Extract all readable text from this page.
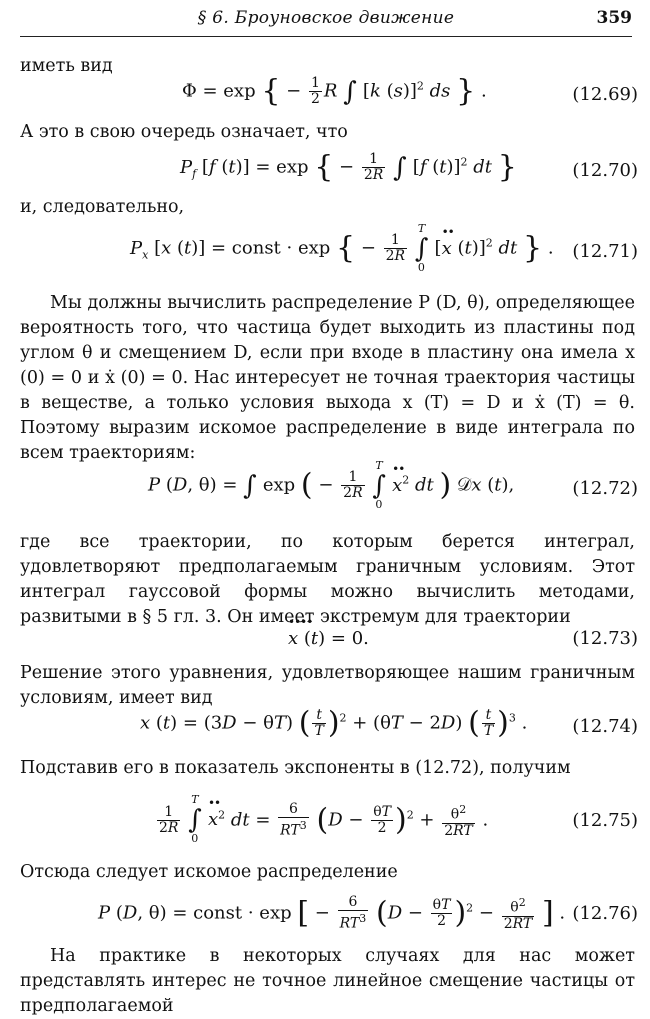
§ 6. Броуновское движение	359
иметь вид
Φ = exp { − $\frac{1}{2}$ R ∫ [k (s)]$^2$ ds } .	(12.69)
А это в свою очередь означает, что
$P_f$ [f (t)] = exp { − $\frac{1}{2R}$ ∫ [f (t)]$^2$ dt }	(12.70)
и, следовательно,
$P_x$ [x (t)] = const · exp { − $\frac{1}{2R}$ ∫
T
0
[•• x (t)]$^2$ dt } . (12.71)
Мы должны вычислить распределение P (D, θ), определяющее вероятность того, что частица будет выходить из пластины под углом θ и смещением D, если при входе в пластину она имела x (0) = 0 и ẋ (0) = 0. Нас интересует не точная траектория частицы в веществе, а только условия выхода x (T) = D и ẋ (T) = θ. Поэтому выразим искомое распределение в виде интеграла по всем траекториям:
P (D, θ) = ∫ exp ( − $\frac{1}{2R}$ ∫
T
0
•• $x^2$ dt ) 𝒟x (t),	(12.72)
где все траектории, по которым берется интеграл, удовлетворяют предполагаемым граничным условиям. Этот интеграл гауссовой формы можно вычислить методами, развитыми в § 5 гл. 3. Он имеет экстремум для траектории
•••• x (t) = 0.	(12.73)
Решение этого уравнения, удовлетворяющее нашим граничным условиям, имеет вид
x (t) = (3D − θT) ( $\frac{t}{T} )^2 + (\theta T - 2D)$ ( $\frac{t}{T} )^3$ .	(12.74)
Подставив его в показатель экспоненты в (12.72), получим
$\frac{1}{2R}$ ∫
T
0
•• $x^2$ dt = $\frac{6}{RT^3} (D - \frac{\theta T}{2} )^2 + \frac{\theta^2}{2RT}$ .	(12.75)
Отсюда следует искомое распределение
P (D, θ) = const · exp [ − $\frac{6}{RT^3} (D - \frac{\theta T}{2} )^2 - \frac{\theta^2}{2RT}$ ] . (12.76)
На практике в некоторых случаях для нас может представлять интерес не точное линейное смещение частицы от предполагаемой
